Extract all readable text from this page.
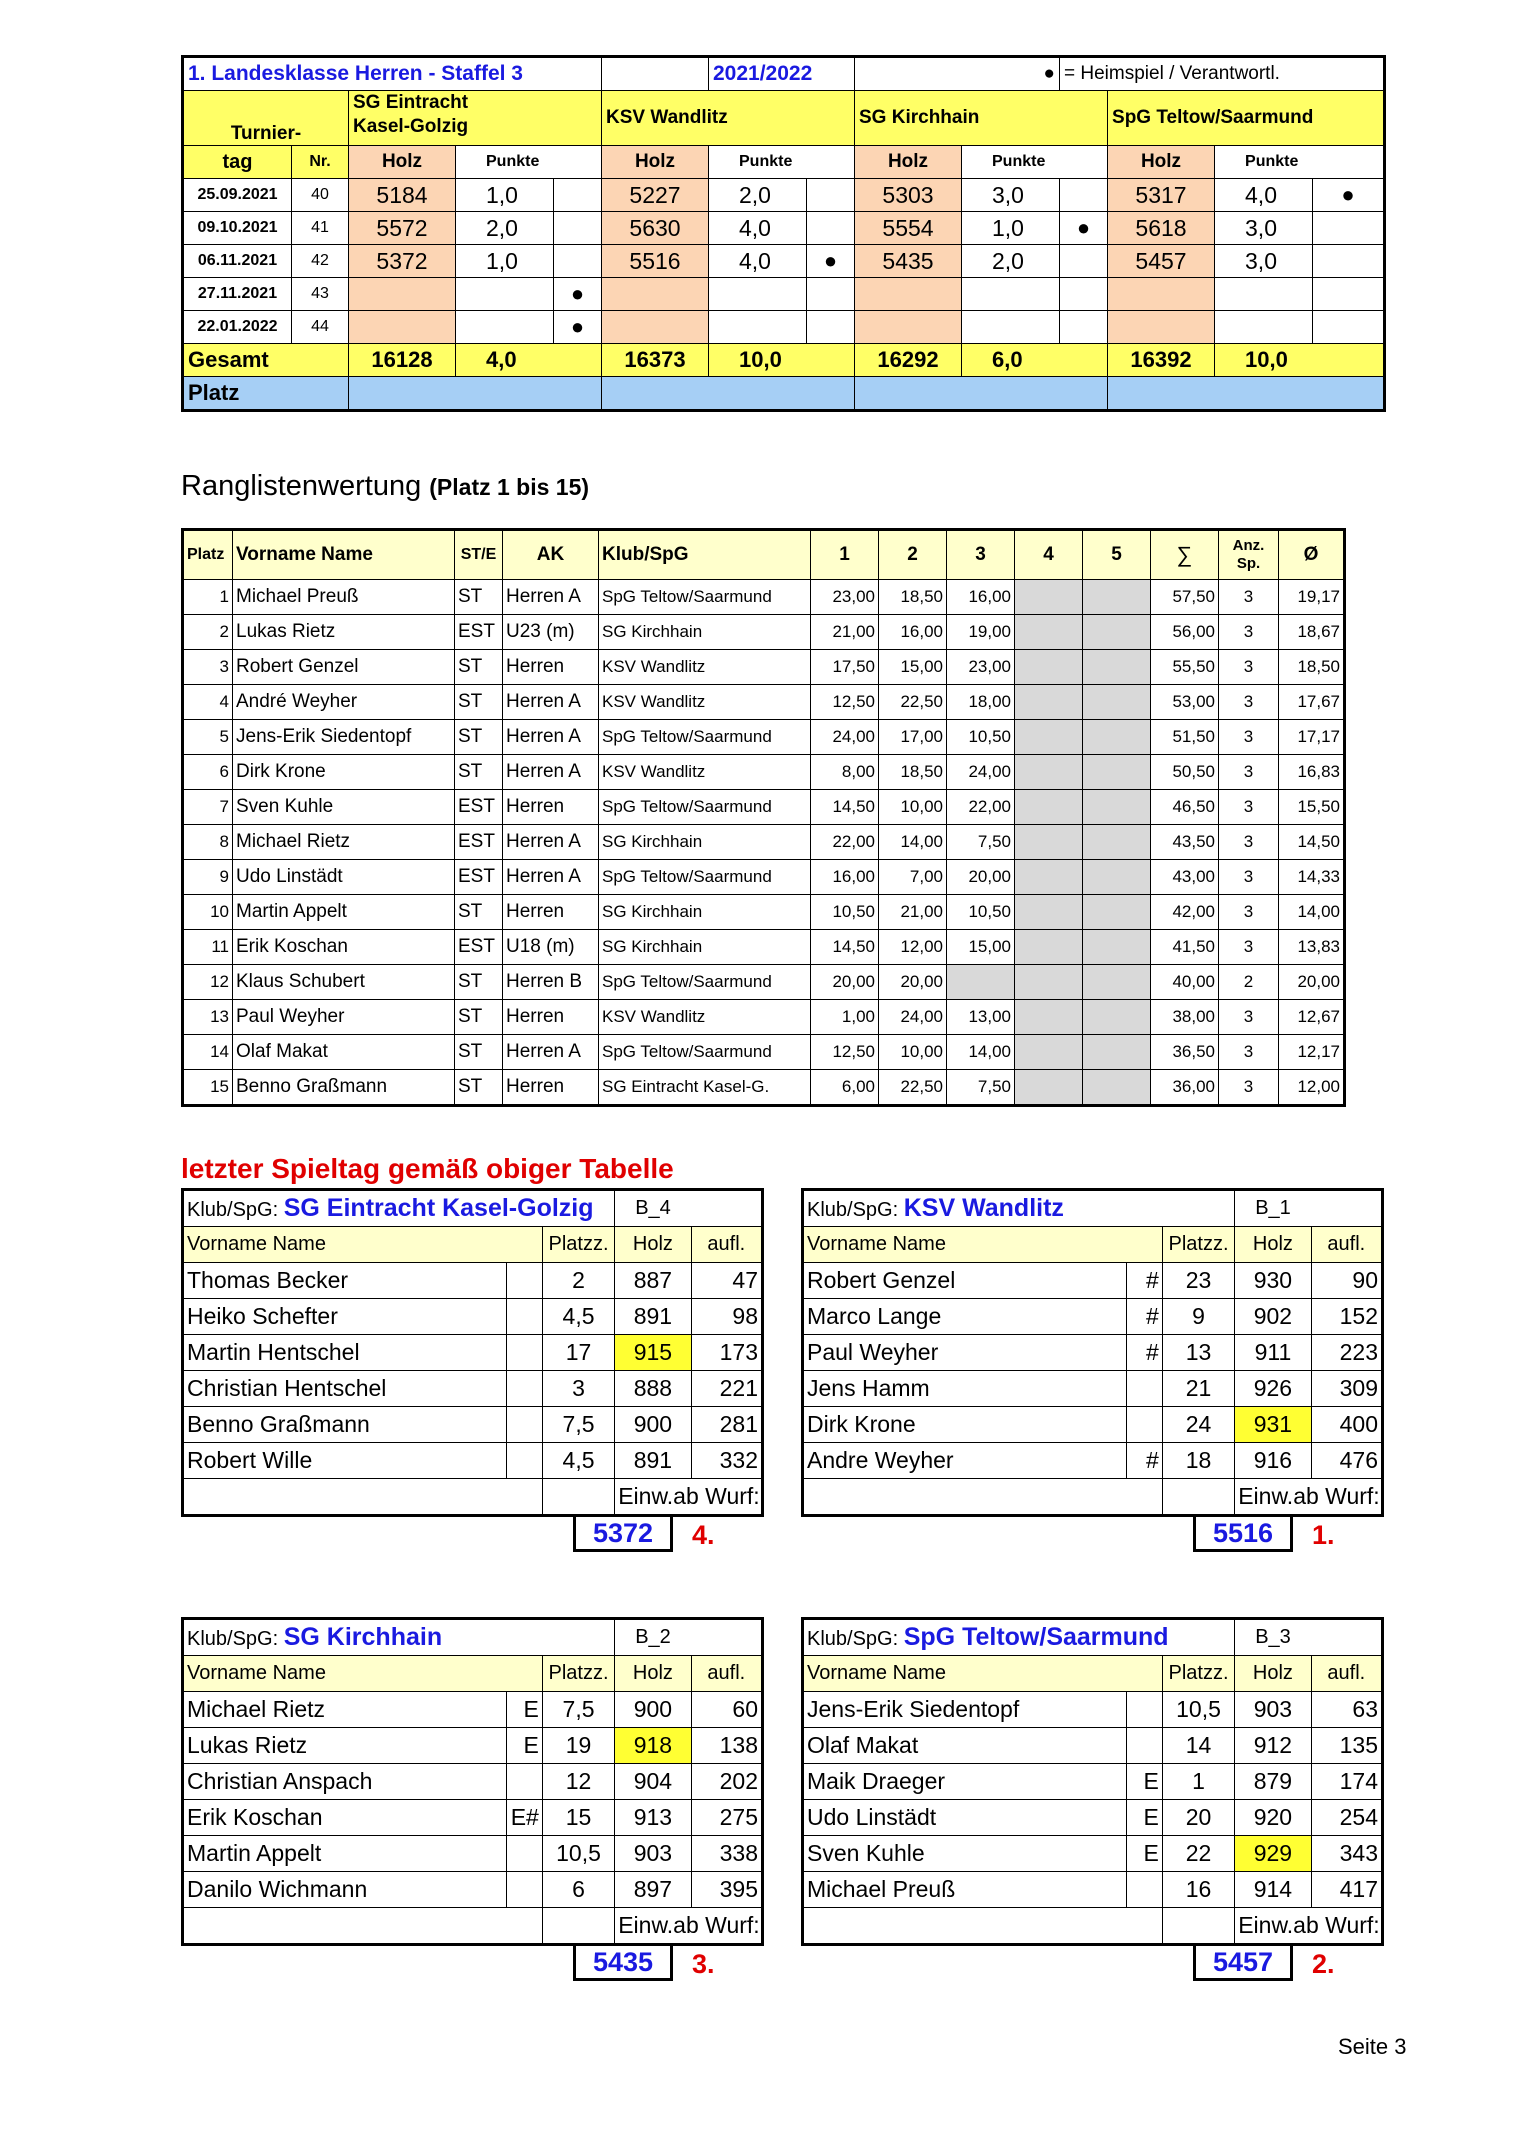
1. Landesklasse Herren - Staffel 3						2021/2022		●		= Heimspiel / Verantwortl.			
Turnier-		SG Eintracht
Kasel-Golzig			KSV Wandlitz			SG Kirchhain			SpG Teltow/Saarmund		
tag	Nr.	Holz	Punkte		Holz	Punkte		Holz	Punkte		Holz	Punkte	
25.09.2021	40	5184	1,0		5227	2,0		5303	3,0		5317	4,0	●
09.10.2021	41	5572	2,0		5630	4,0		5554	1,0	●	5618	3,0	
06.11.2021	42	5372	1,0		5516	4,0	●	5435	2,0		5457	3,0	
27.11.2021	43			●									
22.01.2022	44			●									
Gesamt		16128	4,0		16373	10,0		16292	6,0		16392	10,0	
Platz													
Ranglistenwertung (Platz 1 bis 15)
Platz	Vorname Name	ST/E	AK	Klub/SpG	1	2	3	4	5	∑	Anz.
Sp.	Ø
1	Michael Preuß	ST	Herren A	SpG Teltow/Saarmund	23,00	18,50	16,00			57,50	3	19,17
2	Lukas Rietz	EST	U23 (m)	SG Kirchhain	21,00	16,00	19,00			56,00	3	18,67
3	Robert Genzel	ST	Herren	KSV Wandlitz	17,50	15,00	23,00			55,50	3	18,50
4	André Weyher	ST	Herren A	KSV Wandlitz	12,50	22,50	18,00			53,00	3	17,67
5	Jens-Erik Siedentopf	ST	Herren A	SpG Teltow/Saarmund	24,00	17,00	10,50			51,50	3	17,17
6	Dirk Krone	ST	Herren A	KSV Wandlitz	8,00	18,50	24,00			50,50	3	16,83
7	Sven Kuhle	EST	Herren	SpG Teltow/Saarmund	14,50	10,00	22,00			46,50	3	15,50
8	Michael Rietz	EST	Herren A	SG Kirchhain	22,00	14,00	7,50			43,50	3	14,50
9	Udo Linstädt	EST	Herren A	SpG Teltow/Saarmund	16,00	7,00	20,00			43,00	3	14,33
10	Martin Appelt	ST	Herren	SG Kirchhain	10,50	21,00	10,50			42,00	3	14,00
11	Erik Koschan	EST	U18 (m)	SG Kirchhain	14,50	12,00	15,00			41,50	3	13,83
12	Klaus Schubert	ST	Herren B	SpG Teltow/Saarmund	20,00	20,00				40,00	2	20,00
13	Paul Weyher	ST	Herren	KSV Wandlitz	1,00	24,00	13,00			38,00	3	12,67
14	Olaf Makat	ST	Herren A	SpG Teltow/Saarmund	12,50	10,00	14,00			36,50	3	12,17
15	Benno Graßmann	ST	Herren	SG Eintracht Kasel-G.	6,00	22,50	7,50			36,00	3	12,00
letzter Spieltag gemäß obiger Tabelle
Klub/SpG: SG Eintracht Kasel-Golzig			B_4	
Vorname Name		Platzz.	Holz	aufl.
Thomas Becker		2	887	47
Heiko Schefter		4,5	891	98
Martin Hentschel		17	915	173
Christian Hentschel		3	888	221
Benno Graßmann		7,5	900	281
Robert Wille		4,5	891	332
			Einw.ab Wurf:	
5372	4.
Klub/SpG: KSV Wandlitz			B_1	
Vorname Name		Platzz.	Holz	aufl.
Robert Genzel	#	23	930	90
Marco Lange	#	9	902	152
Paul Weyher	#	13	911	223
Jens Hamm		21	926	309
Dirk Krone		24	931	400
Andre Weyher	#	18	916	476
			Einw.ab Wurf:	
5516	1.
Klub/SpG: SG Kirchhain			B_2	
Vorname Name		Platzz.	Holz	aufl.
Michael Rietz	E	7,5	900	60
Lukas Rietz	E	19	918	138
Christian Anspach		12	904	202
Erik Koschan	E#	15	913	275
Martin Appelt		10,5	903	338
Danilo Wichmann		6	897	395
			Einw.ab Wurf:	
5435	3.
Klub/SpG: SpG Teltow/Saarmund			B_3	
Vorname Name		Platzz.	Holz	aufl.
Jens-Erik Siedentopf		10,5	903	63
Olaf Makat		14	912	135
Maik Draeger	E	1	879	174
Udo Linstädt	E	20	920	254
Sven Kuhle	E	22	929	343
Michael Preuß		16	914	417
			Einw.ab Wurf:	
5457	2.
Seite 3
